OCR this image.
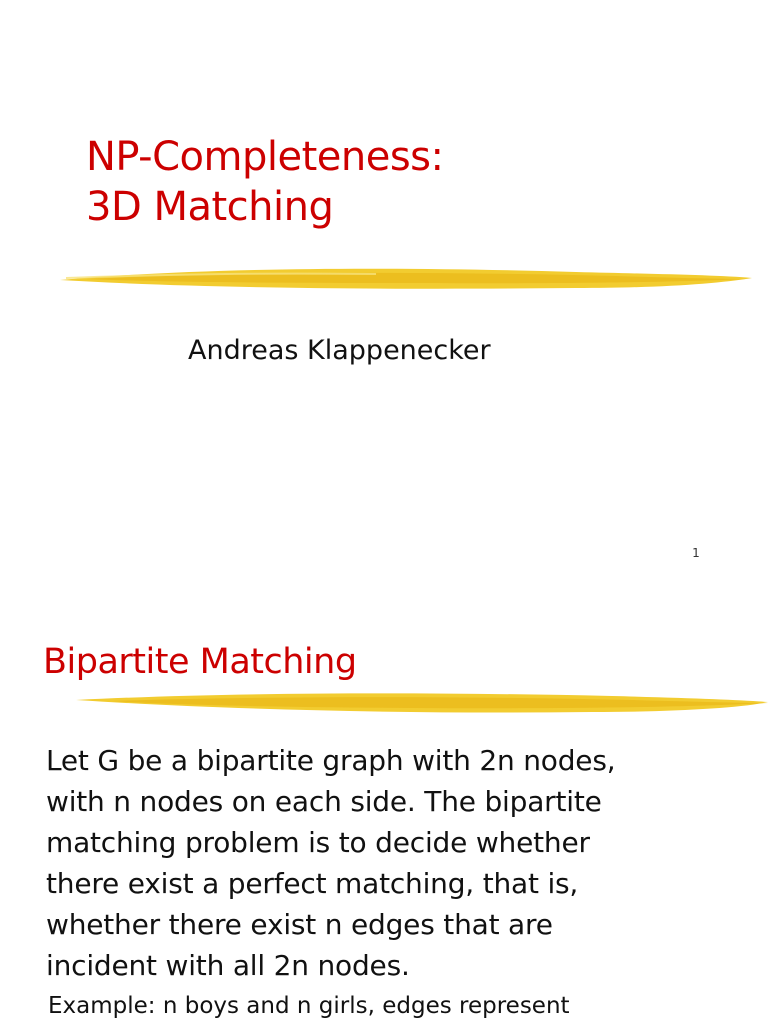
NP-Completeness:
3D Matching
Andreas Klappenecker
1
Bipartite Matching
Let G be a bipartite graph with 2n nodes,
with n nodes on each side. The bipartite
matching problem is to decide whether
there exist a perfect matching, that is,
whether there exist n edges that are
incident with all 2n nodes.
Example: n boys and n girls, edges represent
